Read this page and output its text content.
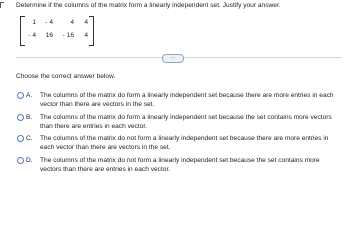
Determine if the columns of the matrix form a linearly independent set. Justify your answer.
1	- 4	4	4
- 4	16	- 16	4
···
Choose the correct answer below.
A. The columns of the matrix do form a linearly independent set because there are more entries in each vector than there are vectors in the set.
B. The columns of the matrix do form a linearly independent set because the set contains more vectors than there are entries in each vector.
C. The columns of the matrix do not form a linearly independent set because there are more entries in each vector than there are vectors in the set.
D. The columns of the matrix do not form a linearly independent set because the set contains more vectors than there are entries in each vector.
